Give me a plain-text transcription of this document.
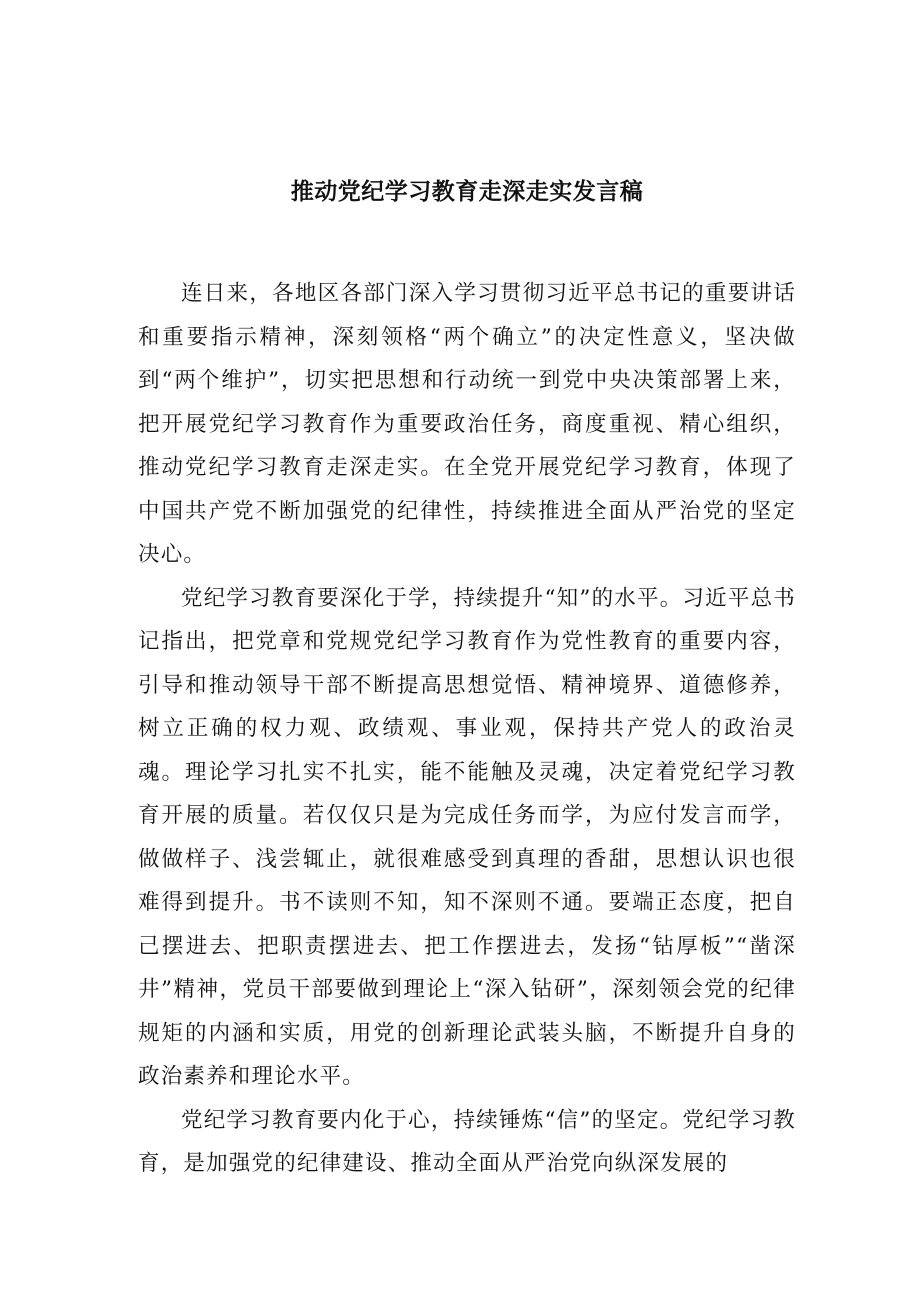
推动党纪学习教育走深走实发言稿

连日来，各地区各部门深入学习贯彻习近平总书记的重要讲话和重要指示精神，深刻领格“两个确立”的决定性意义，坚决做到“两个维护”，切实把思想和行动统一到党中央决策部署上来，把开展党纪学习教育作为重要政治任务，商度重视、精心组织，推动党纪学习教育走深走实。在全党开展党纪学习教育，体现了中国共产党不断加强党的纪律性，持续推进全面从严治党的坚定决心。

党纪学习教育要深化于学，持续提升“知”的水平。习近平总书记指出，把党章和党规党纪学习教育作为党性教育的重要内容，引导和推动领导干部不断提高思想觉悟、精神境界、道德修养，树立正确的权力观、政绩观、事业观，保持共产党人的政治灵魂。理论学习扎实不扎实，能不能触及灵魂，决定着党纪学习教育开展的质量。若仅仅只是为完成任务而学，为应付发言而学，做做样子、浅尝辄止，就很难感受到真理的香甜，思想认识也很难得到提升。书不读则不知，知不深则不通。要端正态度，把自己摆进去、把职责摆进去、把工作摆进去，发扬“钻厚板”“凿深井”精神，党员干部要做到理论上“深入钻研”，深刻领会党的纪律规矩的内涵和实质，用党的创新理论武装头脑，不断提升自身的政治素养和理论水平。

党纪学习教育要内化于心，持续锤炼“信”的坚定。党纪学习教育，是加强党的纪律建设、推动全面从严治党向纵深发展的
